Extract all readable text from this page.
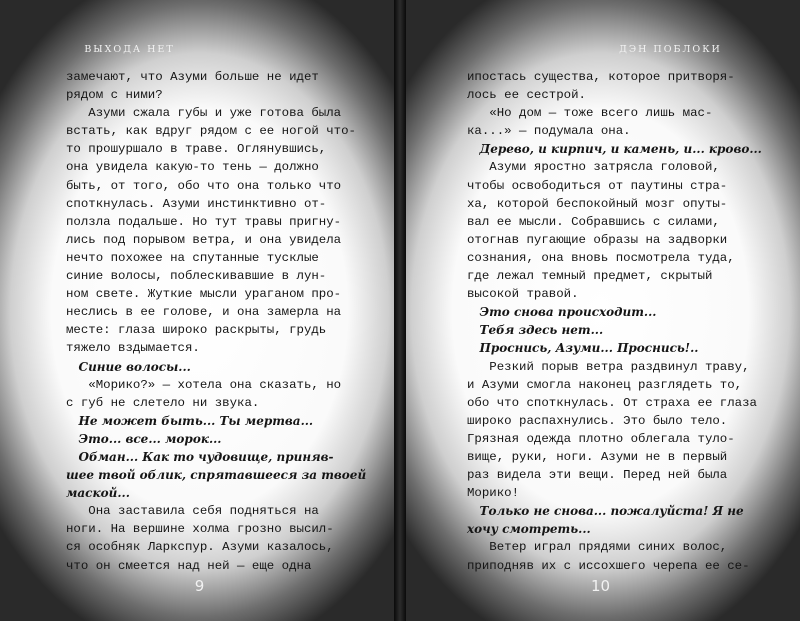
ВЫХОДА НЕТ
замечают, что Азуми больше не идет
рядом с ними?
Азуми сжала губы и уже готова была
встать, как вдруг рядом с ее ногой что-
то прошуршало в траве. Оглянувшись,
она увидела какую-то тень — должно
быть, от того, обо что она только что
споткнулась. Азуми инстинктивно от-
ползла подальше. Но тут травы пригну-
лись под порывом ветра, и она увидела
нечто похожее на спутанные тусклые
синие волосы, поблескивавшие в лун-
ном свете. Жуткие мысли ураганом про-
неслись в ее голове, и она замерла на
месте: глаза широко раскрыты, грудь
тяжело вздымается.
Синие волосы...
«Морико?» — хотела она сказать, но
с губ не слетело ни звука.
Не может быть... Ты мертва...
Это... все... морок...
Обман... Как то чудовище, приняв-
шее твой облик, спрятавшееся за твоей
маской...
Она заставила себя подняться на
ноги. На вершине холма грозно высил-
ся особняк Ларкспур. Азуми казалось,
что он смеется над ней — еще одна
9
ДЭН ПОБЛОКИ
ипостась существа, которое притворя-
лось ее сестрой.
«Но дом — тоже всего лишь мас-
ка...» — подумала она.
Дерево, и кирпич, и камень, и... крово...
Азуми яростно затрясла головой,
чтобы освободиться от паутины стра-
ха, которой беспокойный мозг опуты-
вал ее мысли. Собравшись с силами,
отогнав пугающие образы на задворки
сознания, она вновь посмотрела туда,
где лежал темный предмет, скрытый
высокой травой.
Это снова происходит...
Тебя здесь нет...
Проснись, Азуми... Проснись!..
Резкий порыв ветра раздвинул траву,
и Азуми смогла наконец разглядеть то,
обо что споткнулась. От страха ее глаза
широко распахнулись. Это было тело.
Грязная одежда плотно облегала туло-
вище, руки, ноги. Азуми не в первый
раз видела эти вещи. Перед ней была
Морико!
Только не снова... пожалуйста! Я не
хочу смотреть...
Ветер играл прядями синих волос,
приподняв их с иссохшего черепа ее се-
10
